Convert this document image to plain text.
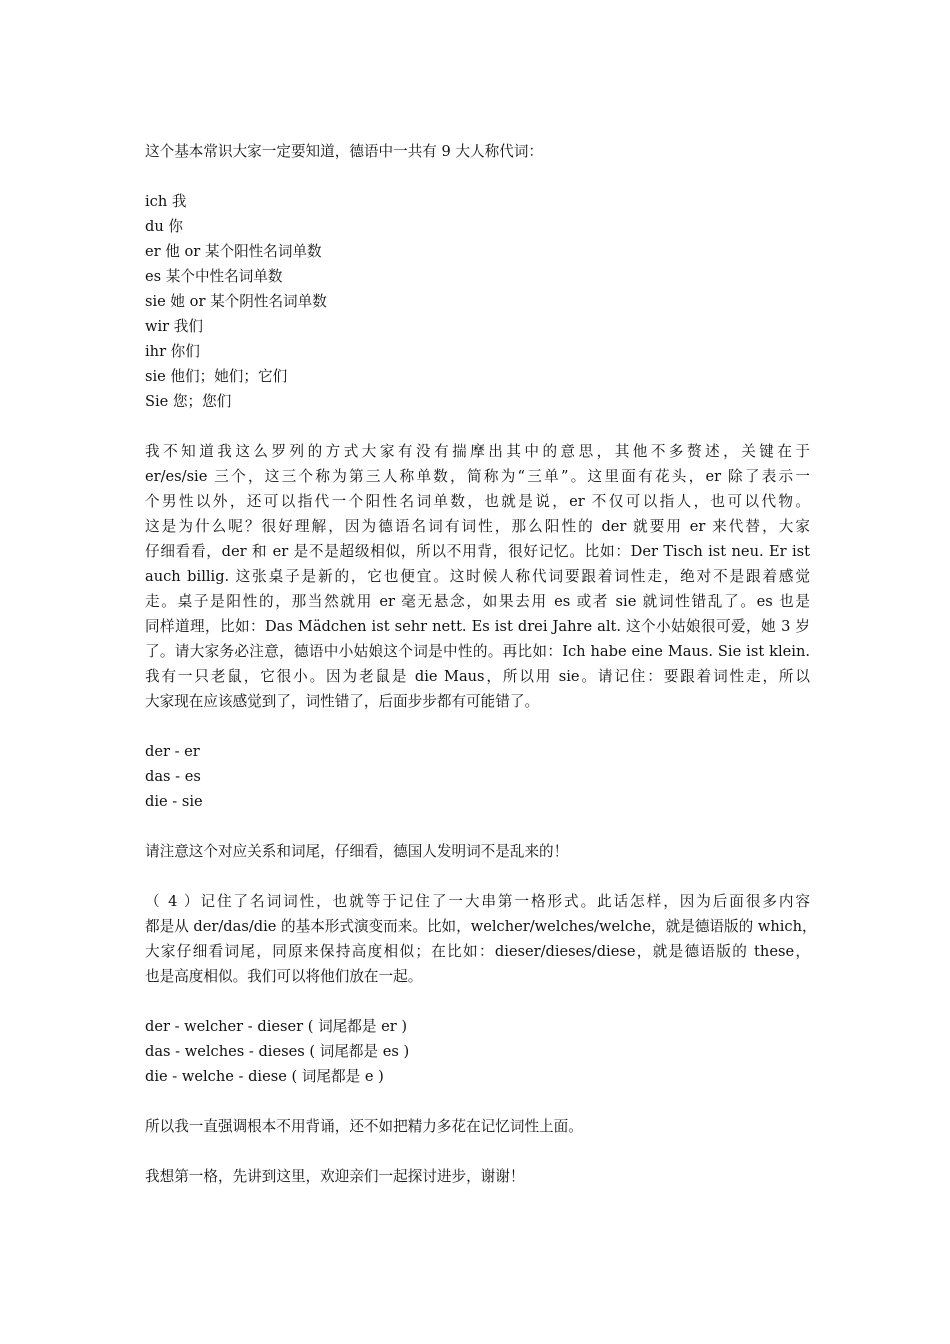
这个基本常识大家一定要知道，德语中一共有 9 大人称代词：
ich 我
du 你
er 他 or 某个阳性名词单数
es 某个中性名词单数
sie 她 or 某个阴性名词单数
wir 我们
ihr 你们
sie 他们；她们；它们
Sie 您；您们
我不知道我这么罗列的方式大家有没有揣摩出其中的意思，其他不多赘述，关键在于
er/es/sie 三个，这三个称为第三人称单数，简称为“三单”。这里面有花头，er 除了表示一
个男性以外，还可以指代一个阳性名词单数，也就是说，er 不仅可以指人，也可以代物。
这是为什么呢？很好理解，因为德语名词有词性，那么阳性的 der 就要用 er 来代替，大家
仔细看看，der 和 er 是不是超级相似，所以不用背，很好记忆。比如：Der Tisch ist neu. Er ist
auch billig. 这张桌子是新的，它也便宜。这时候人称代词要跟着词性走，绝对不是跟着感觉
走。桌子是阳性的，那当然就用 er 毫无悬念，如果去用 es 或者 sie 就词性错乱了。es 也是
同样道理，比如：Das Mädchen ist sehr nett. Es ist drei Jahre alt. 这个小姑娘很可爱，她 3 岁
了。请大家务必注意，德语中小姑娘这个词是中性的。再比如：Ich habe eine Maus. Sie ist klein.
我有一只老鼠，它很小。因为老鼠是 die Maus，所以用 sie。请记住：要跟着词性走，所以
大家现在应该感觉到了，词性错了，后面步步都有可能错了。
der - er
das - es
die - sie
请注意这个对应关系和词尾，仔细看，德国人发明词不是乱来的！
（ 4 ）记住了名词词性，也就等于记住了一大串第一格形式。此话怎样，因为后面很多内容
都是从 der/das/die 的基本形式演变而来。比如，welcher/welches/welche，就是德语版的 which，
大家仔细看词尾，同原来保持高度相似；在比如：dieser/dieses/diese，就是德语版的 these，
也是高度相似。我们可以将他们放在一起。
der - welcher - dieser ( 词尾都是 er )
das - welches - dieses ( 词尾都是 es )
die - welche - diese ( 词尾都是 e )
所以我一直强调根本不用背诵，还不如把精力多花在记忆词性上面。
我想第一格，先讲到这里，欢迎亲们一起探讨进步，谢谢！
